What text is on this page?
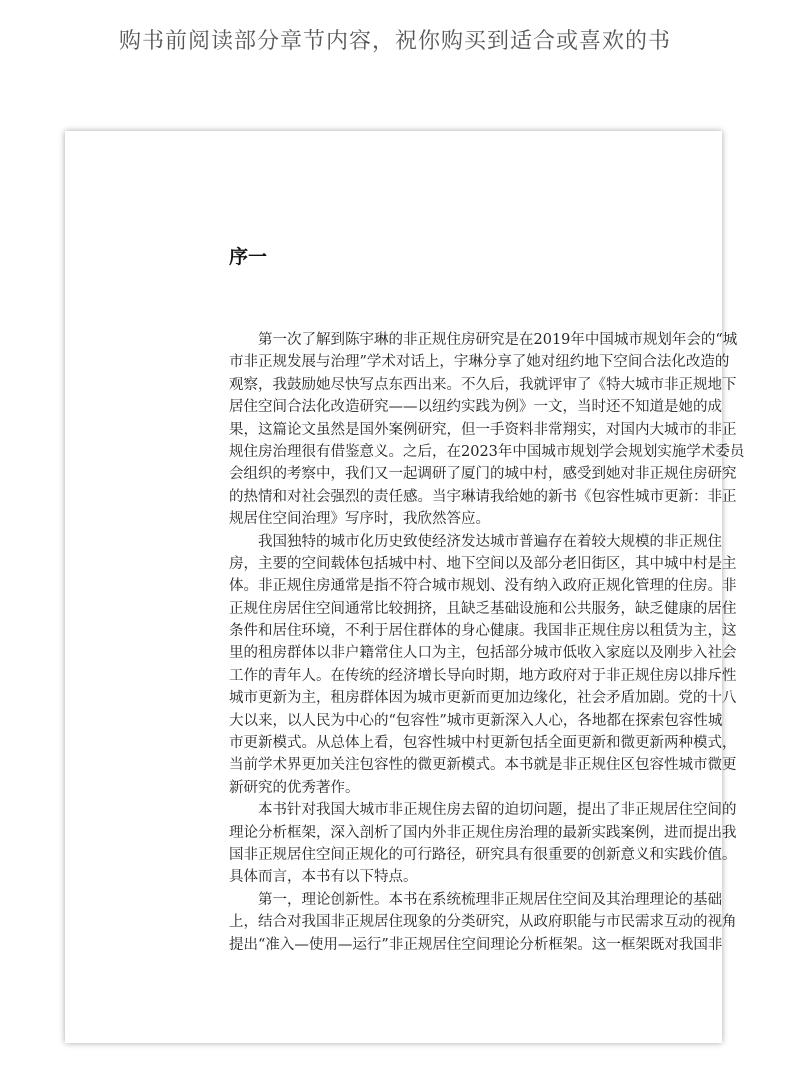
购书前阅读部分章节内容，祝你购买到适合或喜欢的书
序一
第一次了解到陈宇琳的非正规住房研究是在2019年中国城市规划年会的“城
市非正规发展与治理”学术对话上，宇琳分享了她对纽约地下空间合法化改造的
观察，我鼓励她尽快写点东西出来。不久后，我就评审了《特大城市非正规地下
居住空间合法化改造研究——以纽约实践为例》一文，当时还不知道是她的成
果，这篇论文虽然是国外案例研究，但一手资料非常翔实，对国内大城市的非正
规住房治理很有借鉴意义。之后，在2023年中国城市规划学会规划实施学术委员
会组织的考察中，我们又一起调研了厦门的城中村，感受到她对非正规住房研究
的热情和对社会强烈的责任感。当宇琳请我给她的新书《包容性城市更新：非正
规居住空间治理》写序时，我欣然答应。
我国独特的城市化历史致使经济发达城市普遍存在着较大规模的非正规住
房，主要的空间载体包括城中村、地下空间以及部分老旧街区，其中城中村是主
体。非正规住房通常是指不符合城市规划、没有纳入政府正规化管理的住房。非
正规住房居住空间通常比较拥挤，且缺乏基础设施和公共服务，缺乏健康的居住
条件和居住环境，不利于居住群体的身心健康。我国非正规住房以租赁为主，这
里的租房群体以非户籍常住人口为主，包括部分城市低收入家庭以及刚步入社会
工作的青年人。在传统的经济增长导向时期，地方政府对于非正规住房以排斥性
城市更新为主，租房群体因为城市更新而更加边缘化，社会矛盾加剧。党的十八
大以来，以人民为中心的“包容性”城市更新深入人心，各地都在探索包容性城
市更新模式。从总体上看，包容性城中村更新包括全面更新和微更新两种模式，
当前学术界更加关注包容性的微更新模式。本书就是非正规住区包容性城市微更
新研究的优秀著作。
本书针对我国大城市非正规住房去留的迫切问题，提出了非正规居住空间的
理论分析框架，深入剖析了国内外非正规住房治理的最新实践案例，进而提出我
国非正规居住空间正规化的可行路径，研究具有很重要的创新意义和实践价值。
具体而言，本书有以下特点。
第一，理论创新性。本书在系统梳理非正规居住空间及其治理理论的基础
上，结合对我国非正规居住现象的分类研究，从政府职能与市民需求互动的视角
提出“准入—使用—运行”非正规居住空间理论分析框架。这一框架既对我国非
